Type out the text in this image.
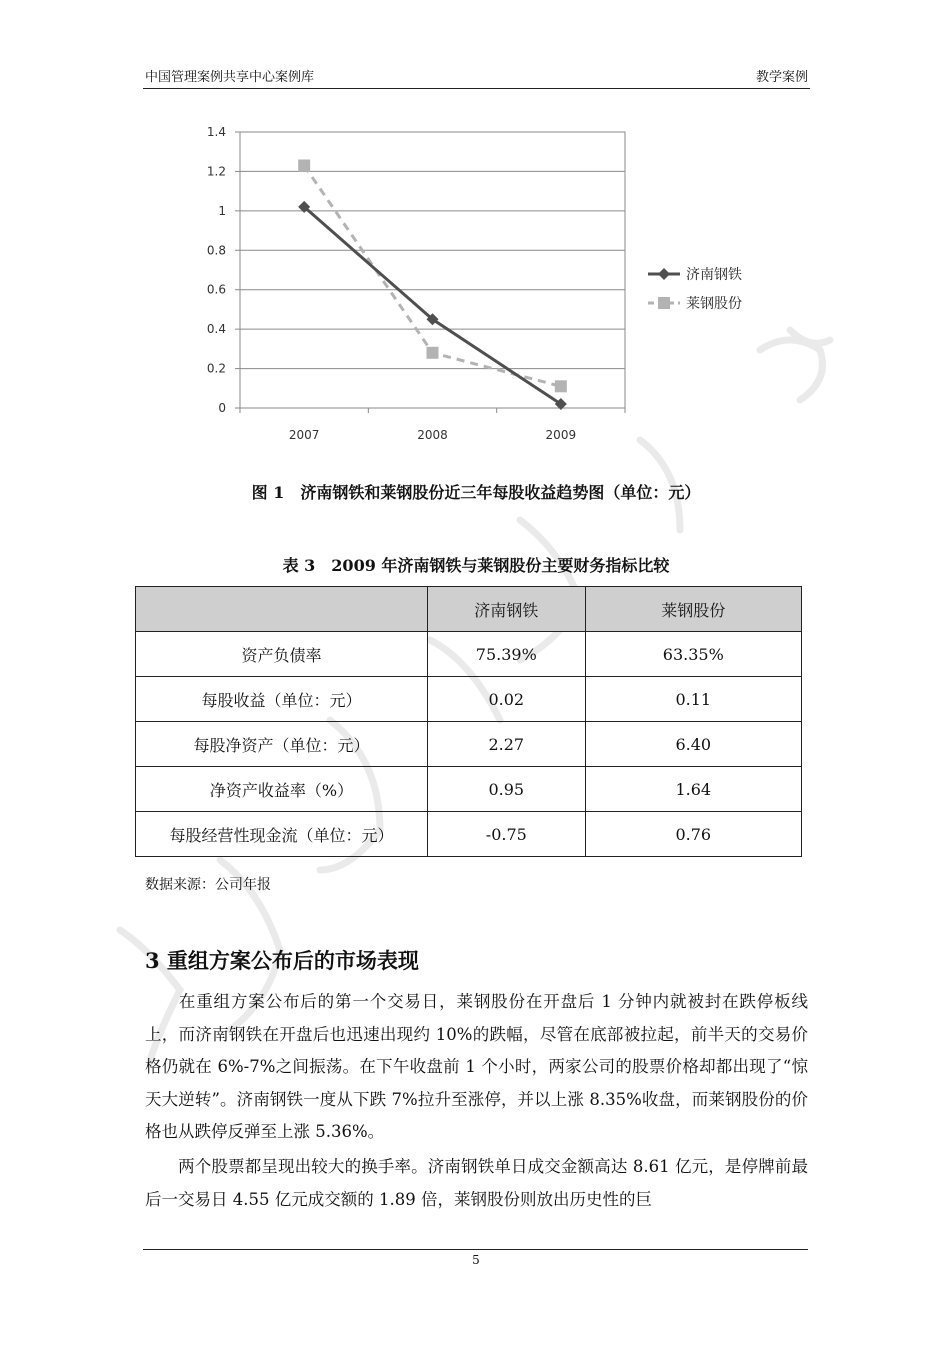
中国管理案例共享中心案例库	教学案例
0
0.2
0.4
0.6
0.8
1
1.2
1.4
2007	2008	2009
济南钢铁
莱钢股份
图 1　济南钢铁和莱钢股份近三年每股收益趋势图（单位：元）
表 3　2009 年济南钢铁与莱钢股份主要财务指标比较
	济南钢铁	莱钢股份
资产负债率	75.39%	63.35%
每股收益（单位：元）	0.02	0.11
每股净资产（单位：元）	2.27	6.40
净资产收益率（%）	0.95	1.64
每股经营性现金流（单位：元）	-0.75	0.76
数据来源：公司年报
3 重组方案公布后的市场表现

在重组方案公布后的第一个交易日，莱钢股份在开盘后 1 分钟内就被封在跌停板线上，而济南钢铁在开盘后也迅速出现约 10%的跌幅，尽管在底部被拉起，前半天的交易价格仍就在 6%-7%之间振荡。在下午收盘前 1 个小时，两家公司的股票价格却都出现了“惊天大逆转”。济南钢铁一度从下跌 7%拉升至涨停，并以上涨 8.35%收盘，而莱钢股份的价格也从跌停反弹至上涨 5.36%。

两个股票都呈现出较大的换手率。济南钢铁单日成交金额高达 8.61 亿元，是停牌前最后一交易日 4.55 亿元成交额的 1.89 倍，莱钢股份则放出历史性的巨

5
